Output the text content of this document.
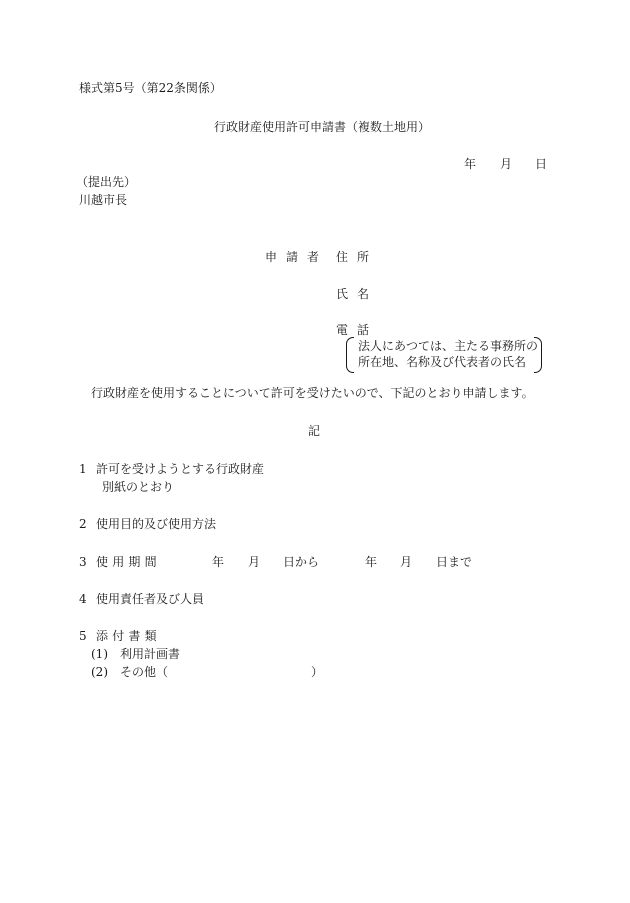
様式第5号（第22条関係）
行政財産使用許可申請書（複数土地用）
年 月 日
（提出先）
川越市長
申請者 住所
氏名
電話
法人にあつては、主たる事務所の
所在地、名称及び代表者の氏名
行政財産を使用することについて許可を受けたいので、下記のとおり申請します。
記
1 許可を受けようとする行政財産
別紙のとおり
2 使用目的及び使用方法
3 使用期間	年 月 日から	年 月 日まで
4 使用責任者及び人員
5 添付書類
(1) 利用計画書
(2) その他（	）
